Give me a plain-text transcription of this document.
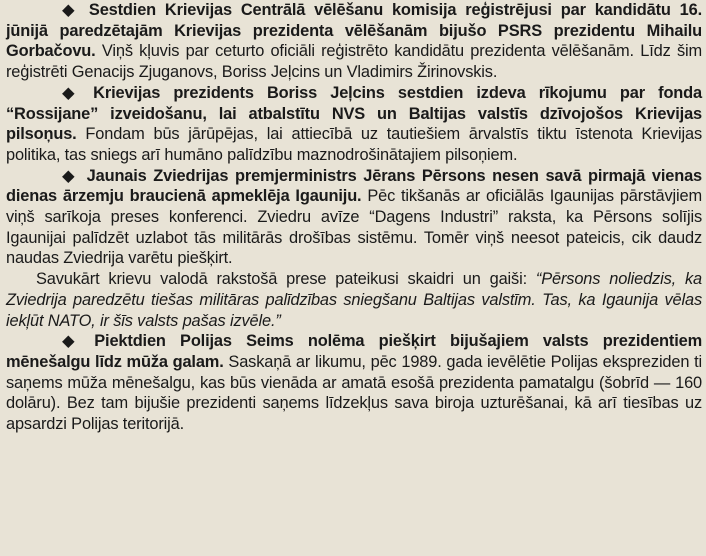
◆ Sestdien Krievijas Centrālā vēlēšanu komisija reģistrējusi par kandidātu 16. jūnijā paredzētajām Krievijas prezidenta vēlēšanām bijušo PSRS prezidentu Mihailu Gorbačovu. Viņš kļuvis par ceturto oficiāli reģistrēto kandidātu prezidenta vēlēšanām. Līdz šim reģistrēti Genacijs Zjuganovs, Boriss Jeļcins un Vladimirs Žirinovskis.

◆ Krievijas prezidents Boriss Jeļcins sestdien izdeva rīkojumu par fonda “Rossijane” izveidošanu, lai atbalstītu NVS un Baltijas valstīs dzīvojošos Krievijas pilsoņus. Fondam būs jārūpējas, lai attiecībā uz tautiešiem ārvalstīs tiktu īstenota Krievijas politika, tas sniegs arī humāno palīdzību maznodrošinātajiem pilsoņiem.

◆ Jaunais Zviedrijas premjerministrs Jērans Pērsons nesen savā pirmajā vienas dienas ārzemju braucienā apmeklēja Igauniju. Pēc tikšanās ar oficiālās Igaunijas pārstāvjiem viņš sarīkoja preses konferenci. Zviedru avīze “Dagens Industri” raksta, ka Pērsons solījis Igaunijai palīdzēt uzlabot tās militārās drošības sistēmu. Tomēr viņš neesot pateicis, cik daudz naudas Zviedrija varētu piešķirt.

Savukārt krievu valodā rakstošā prese pateikusi skaidri un gaiši: “Pērsons noliedzis, ka Zviedrija paredzētu tiešas militāras palīdzības sniegšanu Baltijas valstīm. Tas, ka Igaunija vēlas iekļūt NATO, ir šīs valsts pašas izvēle.”

◆ Piektdien Polijas Seims nolēma piešķirt bijušajiem valsts prezidentiem mēnešalgu līdz mūža galam. Saskaņā ar likumu, pēc 1989. gada ievēlētie Polijas ekspreziden ti saņems mūža mēnešalgu, kas būs vienāda ar amatā esošā prezidenta pamatalgu (šobrīd — 160 dolāru). Bez tam bijušie prezidenti saņems līdzekļus sava biroja uzturēšanai, kā arī tiesības uz apsardzi Polijas teritorijā.
